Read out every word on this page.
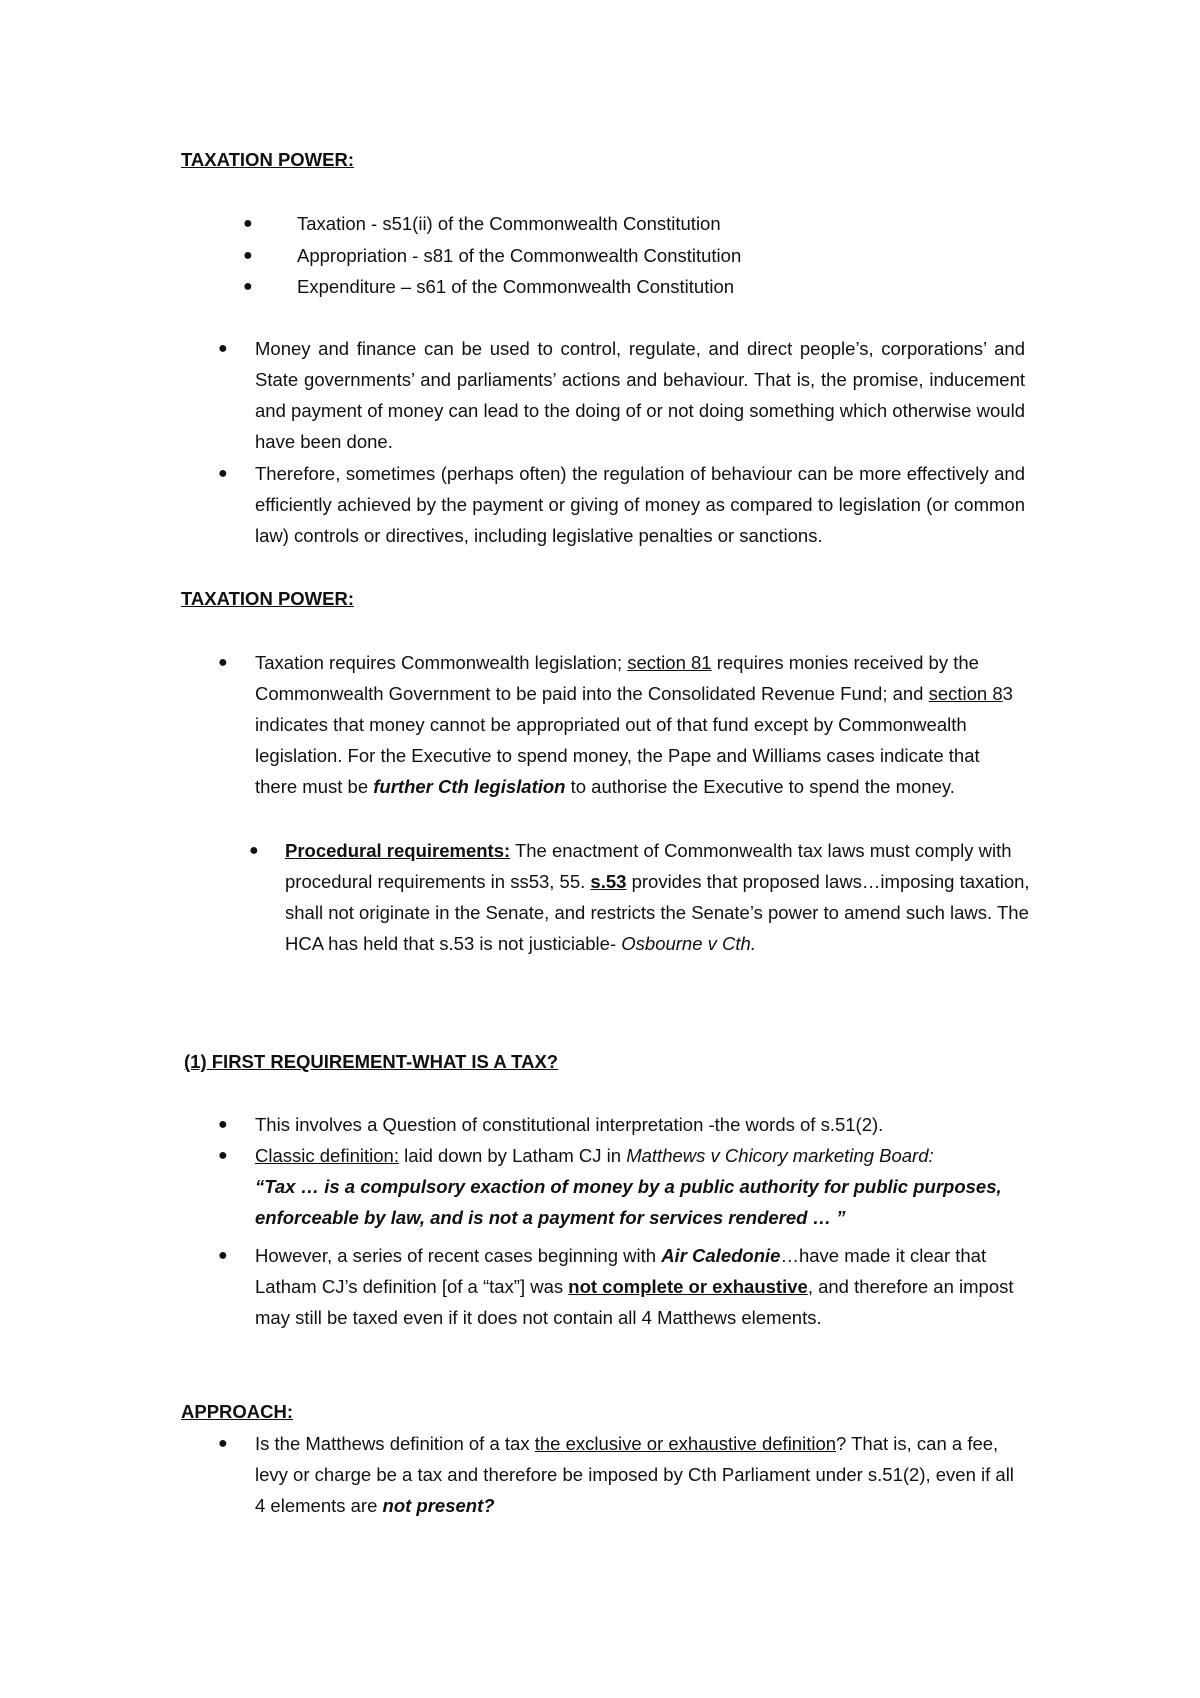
TAXATION POWER:
● Taxation - s51(ii) of the Commonwealth Constitution
● Appropriation - s81 of the Commonwealth Constitution
● Expenditure – s61 of the Commonwealth Constitution
● Money and finance can be used to control, regulate, and direct people’s, corporations’ and State governments’ and parliaments’ actions and behaviour. That is, the promise, inducement and payment of money can lead to the doing of or not doing something which otherwise would have been done.
● Therefore, sometimes (perhaps often) the regulation of behaviour can be more effectively and efficiently achieved by the payment or giving of money as compared to legislation (or common law) controls or directives, including legislative penalties or sanctions.
TAXATION POWER:
● Taxation requires Commonwealth legislation; section 81 requires monies received by the Commonwealth Government to be paid into the Consolidated Revenue Fund; and section 83 indicates that money cannot be appropriated out of that fund except by Commonwealth legislation. For the Executive to spend money, the Pape and Williams cases indicate that there must be further Cth legislation to authorise the Executive to spend the money.
● Procedural requirements: The enactment of Commonwealth tax laws must comply with procedural requirements in ss53, 55. s.53 provides that proposed laws…imposing taxation, shall not originate in the Senate, and restricts the Senate’s power to amend such laws. The HCA has held that s.53 is not justiciable- Osbourne v Cth.
(1) FIRST REQUIREMENT-WHAT IS A TAX?
● This involves a Question of constitutional interpretation -the words of s.51(2).
● Classic definition: laid down by Latham CJ in Matthews v Chicory marketing Board:
“Tax … is a compulsory exaction of money by a public authority for public purposes, enforceable by law, and is not a payment for services rendered … ”
● However, a series of recent cases beginning with Air Caledonie…have made it clear that Latham CJ’s definition [of a “tax”] was not complete or exhaustive, and therefore an impost may still be taxed even if it does not contain all 4 Matthews elements.
APPROACH:
● Is the Matthews definition of a tax the exclusive or exhaustive definition? That is, can a fee, levy or charge be a tax and therefore be imposed by Cth Parliament under s.51(2), even if all 4 elements are not present?
